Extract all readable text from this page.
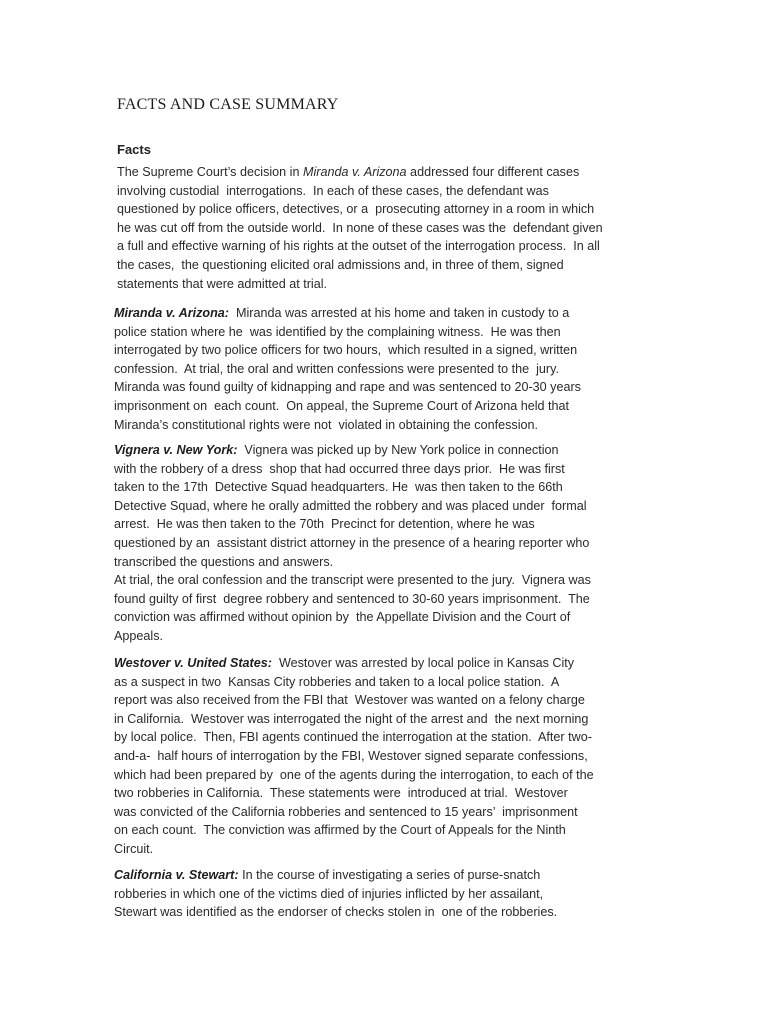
FACTS AND CASE SUMMARY
Facts
The Supreme Court’s decision in Miranda v. Arizona addressed four different cases
involving custodial  interrogations.  In each of these cases, the defendant was
questioned by police officers, detectives, or a  prosecuting attorney in a room in which
he was cut off from the outside world.  In none of these cases was the  defendant given
a full and effective warning of his rights at the outset of the interrogation process.  In all
the cases,  the questioning elicited oral admissions and, in three of them, signed
statements that were admitted at trial.
Miranda v. Arizona:  Miranda was arrested at his home and taken in custody to a
police station where he  was identified by the complaining witness.  He was then
interrogated by two police officers for two hours,  which resulted in a signed, written
confession.  At trial, the oral and written confessions were presented to the  jury.
Miranda was found guilty of kidnapping and rape and was sentenced to 20-30 years
imprisonment on  each count.  On appeal, the Supreme Court of Arizona held that
Miranda’s constitutional rights were not  violated in obtaining the confession.
Vignera v. New York:  Vignera was picked up by New York police in connection
with the robbery of a dress  shop that had occurred three days prior.  He was first
taken to the 17th  Detective Squad headquarters. He  was then taken to the 66th
Detective Squad, where he orally admitted the robbery and was placed under  formal
arrest.  He was then taken to the 70th  Precinct for detention, where he was
questioned by an  assistant district attorney in the presence of a hearing reporter who
transcribed the questions and answers.
At trial, the oral confession and the transcript were presented to the jury.  Vignera was
found guilty of first  degree robbery and sentenced to 30-60 years imprisonment.  The
conviction was affirmed without opinion by  the Appellate Division and the Court of
Appeals.
Westover v. United States:  Westover was arrested by local police in Kansas City
as a suspect in two  Kansas City robberies and taken to a local police station.  A
report was also received from the FBI that  Westover was wanted on a felony charge
in California.  Westover was interrogated the night of the arrest and  the next morning
by local police.  Then, FBI agents continued the interrogation at the station.  After two-
and-a-  half hours of interrogation by the FBI, Westover signed separate confessions,
which had been prepared by  one of the agents during the interrogation, to each of the
two robberies in California.  These statements were  introduced at trial.  Westover
was convicted of the California robberies and sentenced to 15 years’  imprisonment
on each count.  The conviction was affirmed by the Court of Appeals for the Ninth
Circuit.
California v. Stewart: In the course of investigating a series of purse-snatch
robberies in which one of the victims died of injuries inflicted by her assailant,
Stewart was identified as the endorser of checks stolen in  one of the robberies.
